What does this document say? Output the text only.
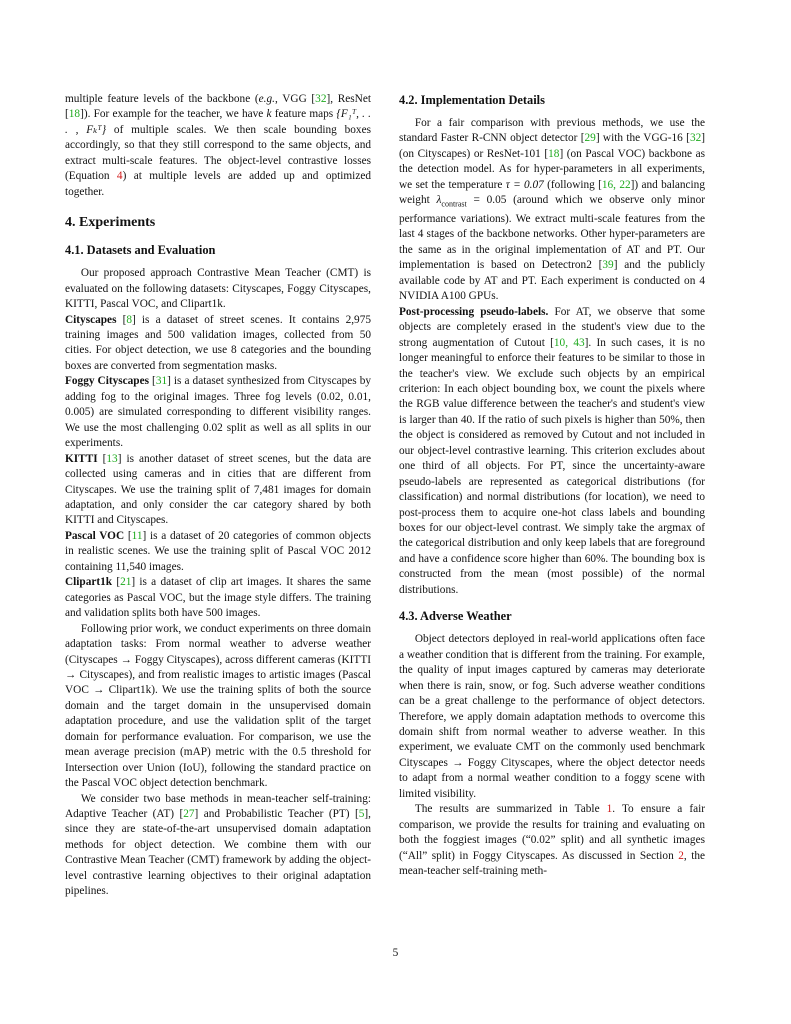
multiple feature levels of the backbone (e.g., VGG [32], ResNet [18]). For example for the teacher, we have k feature maps {F₁ᵀ, . . . , Fₖᵀ} of multiple scales. We then scale bounding boxes accordingly, so that they still correspond to the same objects, and extract multi-scale features. The object-level contrastive losses (Equation 4) at multiple levels are added up and optimized together.

4. Experiments
4.1. Datasets and Evaluation

Our proposed approach Contrastive Mean Teacher (CMT) is evaluated on the following datasets: Cityscapes, Foggy Cityscapes, KITTI, Pascal VOC, and Clipart1k.

Cityscapes [8] is a dataset of street scenes. It contains 2,975 training images and 500 validation images, collected from 50 cities. For object detection, we use 8 categories and the bounding boxes are converted from segmentation masks.

Foggy Cityscapes [31] is a dataset synthesized from Cityscapes by adding fog to the original images. Three fog levels (0.02, 0.01, 0.005) are simulated corresponding to different visibility ranges. We use the most challenging 0.02 split as well as all splits in our experiments.

KITTI [13] is another dataset of street scenes, but the data are collected using cameras and in cities that are different from Cityscapes. We use the training split of 7,481 images for domain adaptation, and only consider the car category shared by both KITTI and Cityscapes.

Pascal VOC [11] is a dataset of 20 categories of common objects in realistic scenes. We use the training split of Pascal VOC 2012 containing 11,540 images.

Clipart1k [21] is a dataset of clip art images. It shares the same categories as Pascal VOC, but the image style differs. The training and validation splits both have 500 images.

Following prior work, we conduct experiments on three domain adaptation tasks: From normal weather to adverse weather (Cityscapes → Foggy Cityscapes), across different cameras (KITTI → Cityscapes), and from realistic images to artistic images (Pascal VOC → Clipart1k). We use the training splits of both the source domain and the target domain in the unsupervised domain adaptation procedure, and use the validation split of the target domain for performance evaluation. For comparison, we use the mean average precision (mAP) metric with the 0.5 threshold for Intersection over Union (IoU), following the standard practice on the Pascal VOC object detection benchmark.

We consider two base methods in mean-teacher self-training: Adaptive Teacher (AT) [27] and Probabilistic Teacher (PT) [5], since they are state-of-the-art unsupervised domain adaptation methods for object detection. We combine them with our Contrastive Mean Teacher (CMT) framework by adding the object-level contrastive learning objectives to their original adaptation pipelines.

4.2. Implementation Details

For a fair comparison with previous methods, we use the standard Faster R-CNN object detector [29] with the VGG-16 [32] (on Cityscapes) or ResNet-101 [18] (on Pascal VOC) backbone as the detection model. As for hyper-parameters in all experiments, we set the temperature τ = 0.07 (following [16, 22]) and balancing weight $\lambda_{contrast} = 0.05$ (around which we observe only minor performance variations). We extract multi-scale features from the last 4 stages of the backbone networks. Other hyper-parameters are the same as in the original implementation of AT and PT. Our implementation is based on Detectron2 [39] and the publicly available code by AT and PT. Each experiment is conducted on 4 NVIDIA A100 GPUs.

Post-processing pseudo-labels. For AT, we observe that some objects are completely erased in the student's view due to the strong augmentation of Cutout [10, 43]. In such cases, it is no longer meaningful to enforce their features to be similar to those in the teacher's view. We exclude such objects by an empirical criterion: In each object bounding box, we count the pixels where the RGB value difference between the teacher's and student's view is larger than 40. If the ratio of such pixels is higher than 50%, then the object is considered as removed by Cutout and not included in our object-level contrastive learning. This criterion excludes about one third of all objects. For PT, since the uncertainty-aware pseudo-labels are represented as categorical distributions (for classification) and normal distributions (for location), we need to post-process them to acquire one-hot class labels and bounding boxes for our object-level contrast. We simply take the argmax of the categorical distribution and only keep labels that are foreground and have a confidence score higher than 60%. The bounding box is constructed from the mean (most possible) of the normal distributions.

4.3. Adverse Weather

Object detectors deployed in real-world applications often face a weather condition that is different from the training. For example, the quality of input images captured by cameras may deteriorate when there is rain, snow, or fog. Such adverse weather conditions can be a great challenge to the performance of object detectors. Therefore, we apply domain adaptation methods to overcome this domain shift from normal weather to adverse weather. In this experiment, we evaluate CMT on the commonly used benchmark Cityscapes → Foggy Cityscapes, where the object detector needs to adapt from a normal weather condition to a foggy scene with limited visibility.

The results are summarized in Table 1. To ensure a fair comparison, we provide the results for training and evaluating on both the foggiest images (“0.02” split) and all synthetic images (“All” split) in Foggy Cityscapes. As discussed in Section 2, the mean-teacher self-training meth-

5
